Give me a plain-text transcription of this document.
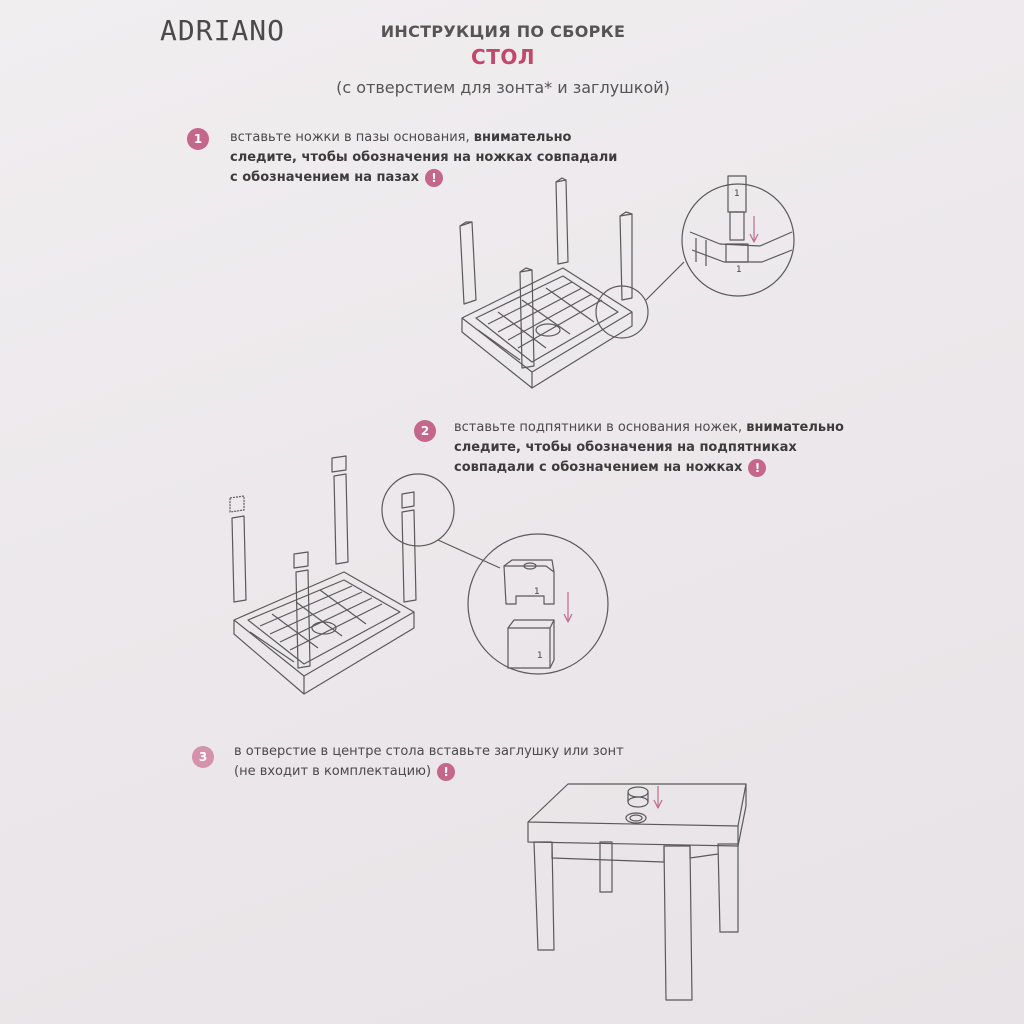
ADRIANO	ИНСТРУКЦИЯ ПО СБОРКЕ
СТОЛ
(с отверстием для зонта* и заглушкой)
1	вставьте ножки в пазы основания, внимательно
следите, чтобы обозначения на ножках совпадали
с обозначением на пазах !
2	вставьте подпятники в основания ножек, внимательно
следите, чтобы обозначения на подпятниках
совпадали с обозначением на ножках !
3	в отверстие в центре стола вставьте заглушку или зонт
(не входит в комплектацию) !
1
1
1
1
